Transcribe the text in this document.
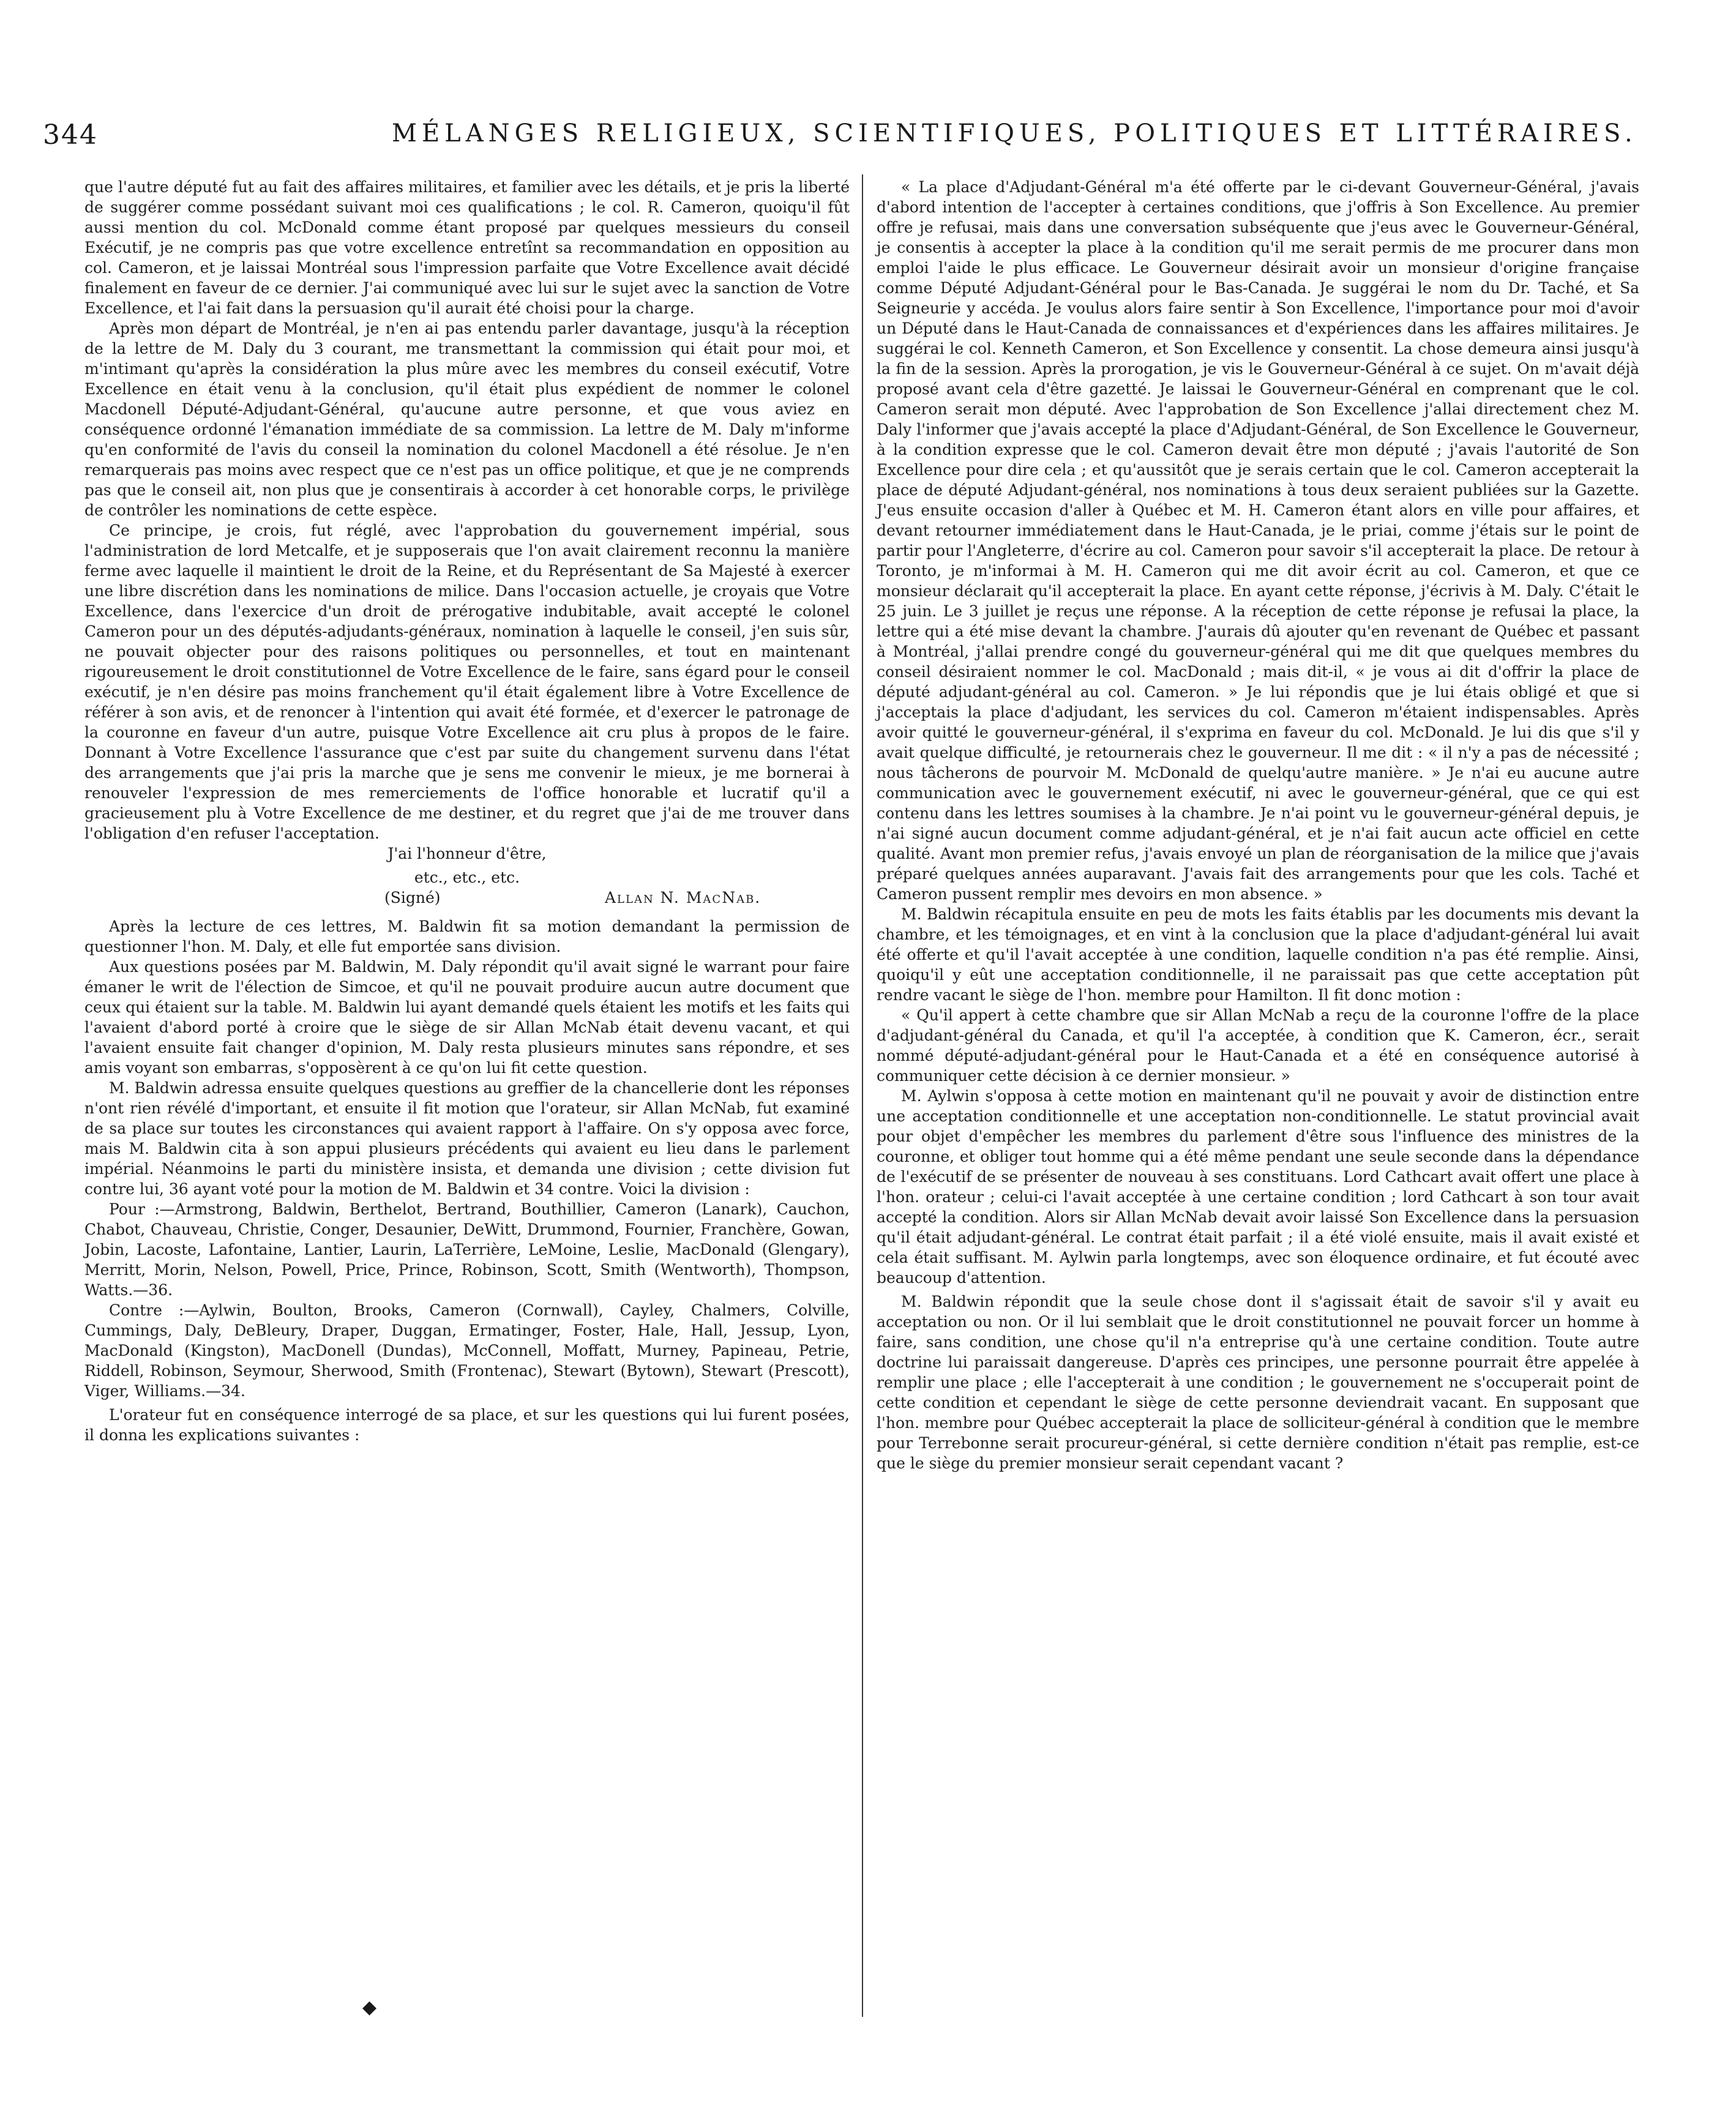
344	MÉLANGES RELIGIEUX, SCIENTIFIQUES, POLITIQUES ET LITTÉRAIRES.

que l'autre député fut au fait des affaires militaires, et familier avec les détails, et je pris la liberté de suggérer comme possédant suivant moi ces qualifications ; le col. R. Cameron, quoiqu'il fût aussi mention du col. McDonald comme étant proposé par quelques messieurs du conseil Exécutif, je ne compris pas que votre excellence entretînt sa recommandation en opposition au col. Cameron, et je laissai Montréal sous l'impression parfaite que Votre Excellence avait décidé finalement en faveur de ce dernier. J'ai communiqué avec lui sur le sujet avec la sanction de Votre Excellence, et l'ai fait dans la persuasion qu'il aurait été choisi pour la charge.

Après mon départ de Montréal, je n'en ai pas entendu parler davantage, jusqu'à la réception de la lettre de M. Daly du 3 courant, me transmettant la commission qui était pour moi, et m'intimant qu'après la considération la plus mûre avec les membres du conseil exécutif, Votre Excellence en était venu à la conclusion, qu'il était plus expédient de nommer le colonel Macdonell Député-Adjudant-Général, qu'aucune autre personne, et que vous aviez en conséquence ordonné l'émanation immédiate de sa commission. La lettre de M. Daly m'informe qu'en conformité de l'avis du conseil la nomination du colonel Macdonell a été résolue. Je n'en remarquerais pas moins avec respect que ce n'est pas un office politique, et que je ne comprends pas que le conseil ait, non plus que je consentirais à accorder à cet honorable corps, le privilège de contrôler les nominations de cette espèce.

Ce principe, je crois, fut réglé, avec l'approbation du gouvernement impérial, sous l'administration de lord Metcalfe, et je supposerais que l'on avait clairement reconnu la manière ferme avec laquelle il maintient le droit de la Reine, et du Représentant de Sa Majesté à exercer une libre discrétion dans les nominations de milice. Dans l'occasion actuelle, je croyais que Votre Excellence, dans l'exercice d'un droit de prérogative indubitable, avait accepté le colonel Cameron pour un des députés-adjudants-généraux, nomination à laquelle le conseil, j'en suis sûr, ne pouvait objecter pour des raisons politiques ou personnelles, et tout en maintenant rigoureusement le droit constitutionnel de Votre Excellence de le faire, sans égard pour le conseil exécutif, je n'en désire pas moins franchement qu'il était également libre à Votre Excellence de référer à son avis, et de renoncer à l'intention qui avait été formée, et d'exercer le patronage de la couronne en faveur d'un autre, puisque Votre Excellence ait cru plus à propos de le faire. Donnant à Votre Excellence l'assurance que c'est par suite du changement survenu dans l'état des arrangements que j'ai pris la marche que je sens me convenir le mieux, je me bornerai à renouveler l'expression de mes remerciements de l'office honorable et lucratif qu'il a gracieusement plu à Votre Excellence de me destiner, et du regret que j'ai de me trouver dans l'obligation d'en refuser l'acceptation.

J'ai l'honneur d'être,

etc., etc., etc.

(Signé)	Allan N. MacNab.

Après la lecture de ces lettres, M. Baldwin fit sa motion demandant la permission de questionner l'hon. M. Daly, et elle fut emportée sans division.

Aux questions posées par M. Baldwin, M. Daly répondit qu'il avait signé le warrant pour faire émaner le writ de l'élection de Simcoe, et qu'il ne pouvait produire aucun autre document que ceux qui étaient sur la table. M. Baldwin lui ayant demandé quels étaient les motifs et les faits qui l'avaient d'abord porté à croire que le siège de sir Allan McNab était devenu vacant, et qui l'avaient ensuite fait changer d'opinion, M. Daly resta plusieurs minutes sans répondre, et ses amis voyant son embarras, s'opposèrent à ce qu'on lui fit cette question.

M. Baldwin adressa ensuite quelques questions au greffier de la chancellerie dont les réponses n'ont rien révélé d'important, et ensuite il fit motion que l'orateur, sir Allan McNab, fut examiné de sa place sur toutes les circonstances qui avaient rapport à l'affaire. On s'y opposa avec force, mais M. Baldwin cita à son appui plusieurs précédents qui avaient eu lieu dans le parlement impérial. Néanmoins le parti du ministère insista, et demanda une division ; cette division fut contre lui, 36 ayant voté pour la motion de M. Baldwin et 34 contre. Voici la division :

Pour :—Armstrong, Baldwin, Berthelot, Bertrand, Bouthillier, Cameron (Lanark), Cauchon, Chabot, Chauveau, Christie, Conger, Desaunier, DeWitt, Drummond, Fournier, Franchère, Gowan, Jobin, Lacoste, Lafontaine, Lantier, Laurin, LaTerrière, LeMoine, Leslie, MacDonald (Glengary), Merritt, Morin, Nelson, Powell, Price, Prince, Robinson, Scott, Smith (Wentworth), Thompson, Watts.—36.

Contre :—Aylwin, Boulton, Brooks, Cameron (Cornwall), Cayley, Chalmers, Colville, Cummings, Daly, DeBleury, Draper, Duggan, Ermatinger, Foster, Hale, Hall, Jessup, Lyon, MacDonald (Kingston), MacDonell (Dundas), McConnell, Moffatt, Murney, Papineau, Petrie, Riddell, Robinson, Seymour, Sherwood, Smith (Frontenac), Stewart (Bytown), Stewart (Prescott), Viger, Williams.—34.

L'orateur fut en conséquence interrogé de sa place, et sur les questions qui lui furent posées, il donna les explications suivantes :

« La place d'Adjudant-Général m'a été offerte par le ci-devant Gouverneur-Général, j'avais d'abord intention de l'accepter à certaines conditions, que j'offris à Son Excellence. Au premier offre je refusai, mais dans une conversation subséquente que j'eus avec le Gouverneur-Général, je consentis à accepter la place à la condition qu'il me serait permis de me procurer dans mon emploi l'aide le plus efficace. Le Gouverneur désirait avoir un monsieur d'origine française comme Député Adjudant-Général pour le Bas-Canada. Je suggérai le nom du Dr. Taché, et Sa Seigneurie y accéda. Je voulus alors faire sentir à Son Excellence, l'importance pour moi d'avoir un Député dans le Haut-Canada de connaissances et d'expériences dans les affaires militaires. Je suggérai le col. Kenneth Cameron, et Son Excellence y consentit. La chose demeura ainsi jusqu'à la fin de la session. Après la prorogation, je vis le Gouverneur-Général à ce sujet. On m'avait déjà proposé avant cela d'être gazetté. Je laissai le Gouverneur-Général en comprenant que le col. Cameron serait mon député. Avec l'approbation de Son Excellence j'allai directement chez M. Daly l'informer que j'avais accepté la place d'Adjudant-Général, de Son Excellence le Gouverneur, à la condition expresse que le col. Cameron devait être mon député ; j'avais l'autorité de Son Excellence pour dire cela ; et qu'aussitôt que je serais certain que le col. Cameron accepterait la place de député Adjudant-général, nos nominations à tous deux seraient publiées sur la Gazette. J'eus ensuite occasion d'aller à Québec et M. H. Cameron étant alors en ville pour affaires, et devant retourner immédiatement dans le Haut-Canada, je le priai, comme j'étais sur le point de partir pour l'Angleterre, d'écrire au col. Cameron pour savoir s'il accepterait la place. De retour à Toronto, je m'informai à M. H. Cameron qui me dit avoir écrit au col. Cameron, et que ce monsieur déclarait qu'il accepterait la place. En ayant cette réponse, j'écrivis à M. Daly. C'était le 25 juin. Le 3 juillet je reçus une réponse. A la réception de cette réponse je refusai la place, la lettre qui a été mise devant la chambre. J'aurais dû ajouter qu'en revenant de Québec et passant à Montréal, j'allai prendre congé du gouverneur-général qui me dit que quelques membres du conseil désiraient nommer le col. MacDonald ; mais dit-il, « je vous ai dit d'offrir la place de député adjudant-général au col. Cameron. » Je lui répondis que je lui étais obligé et que si j'acceptais la place d'adjudant, les services du col. Cameron m'étaient indispensables. Après avoir quitté le gouverneur-général, il s'exprima en faveur du col. McDonald. Je lui dis que s'il y avait quelque difficulté, je retournerais chez le gouverneur. Il me dit : « il n'y a pas de nécessité ; nous tâcherons de pourvoir M. McDonald de quelqu'autre manière. » Je n'ai eu aucune autre communication avec le gouvernement exécutif, ni avec le gouverneur-général, que ce qui est contenu dans les lettres soumises à la chambre. Je n'ai point vu le gouverneur-général depuis, je n'ai signé aucun document comme adjudant-général, et je n'ai fait aucun acte officiel en cette qualité. Avant mon premier refus, j'avais envoyé un plan de réorganisation de la milice que j'avais préparé quelques années auparavant. J'avais fait des arrangements pour que les cols. Taché et Cameron pussent remplir mes devoirs en mon absence. »

M. Baldwin récapitula ensuite en peu de mots les faits établis par les documents mis devant la chambre, et les témoignages, et en vint à la conclusion que la place d'adjudant-général lui avait été offerte et qu'il l'avait acceptée à une condition, laquelle condition n'a pas été remplie. Ainsi, quoiqu'il y eût une acceptation conditionnelle, il ne paraissait pas que cette acceptation pût rendre vacant le siège de l'hon. membre pour Hamilton. Il fit donc motion :

« Qu'il appert à cette chambre que sir Allan McNab a reçu de la couronne l'offre de la place d'adjudant-général du Canada, et qu'il l'a acceptée, à condition que K. Cameron, écr., serait nommé député-adjudant-général pour le Haut-Canada et a été en conséquence autorisé à communiquer cette décision à ce dernier monsieur. »

M. Aylwin s'opposa à cette motion en maintenant qu'il ne pouvait y avoir de distinction entre une acceptation conditionnelle et une acceptation non-conditionnelle. Le statut provincial avait pour objet d'empêcher les membres du parlement d'être sous l'influence des ministres de la couronne, et obliger tout homme qui a été même pendant une seule seconde dans la dépendance de l'exécutif de se présenter de nouveau à ses constituans. Lord Cathcart avait offert une place à l'hon. orateur ; celui-ci l'avait acceptée à une certaine condition ; lord Cathcart à son tour avait accepté la condition. Alors sir Allan McNab devait avoir laissé Son Excellence dans la persuasion qu'il était adjudant-général. Le contrat était parfait ; il a été violé ensuite, mais il avait existé et cela était suffisant. M. Aylwin parla longtemps, avec son éloquence ordinaire, et fut écouté avec beaucoup d'attention.

M. Baldwin répondit que la seule chose dont il s'agissait était de savoir s'il y avait eu acceptation ou non. Or il lui semblait que le droit constitutionnel ne pouvait forcer un homme à faire, sans condition, une chose qu'il n'a entreprise qu'à une certaine condition. Toute autre doctrine lui paraissait dangereuse. D'après ces principes, une personne pourrait être appelée à remplir une place ; elle l'accepterait à une condition ; le gouvernement ne s'occuperait point de cette condition et cependant le siège de cette personne deviendrait vacant. En supposant que l'hon. membre pour Québec accepterait la place de solliciteur-général à condition que le membre pour Terrebonne serait procureur-général, si cette dernière condition n'était pas remplie, est-ce que le siège du premier monsieur serait cependant vacant ?

◆
